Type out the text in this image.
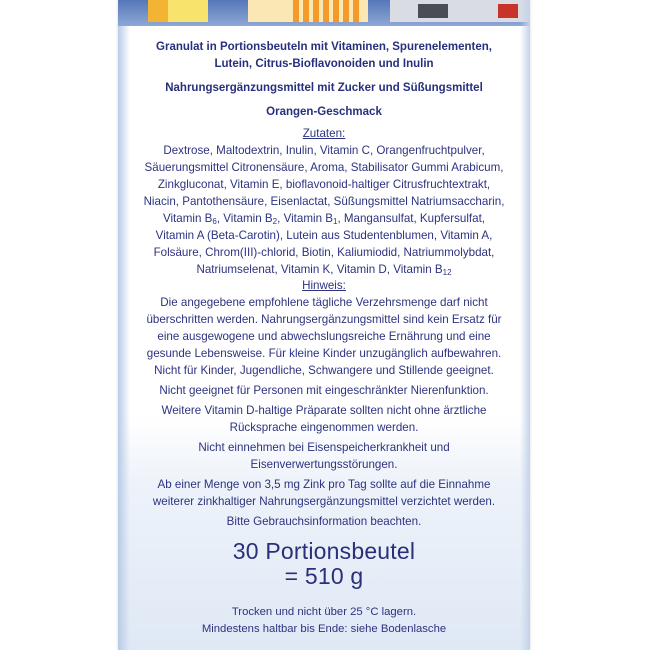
Granulat in Portionsbeuteln mit Vitaminen, Spurenelementen,
Lutein, Citrus-Bioflavonoiden und Inulin
Nahrungsergänzungsmittel mit Zucker und Süßungsmittel
Orangen-Geschmack
Zutaten:
Dextrose, Maltodextrin, Inulin, Vitamin C, Orangenfruchtpulver,
Säuerungsmittel Citronensäure, Aroma, Stabilisator Gummi Arabicum,
Zinkgluconat, Vitamin E, bioflavonoid-haltiger Citrusfruchtextrakt,
Niacin, Pantothensäure, Eisenlactat, Süßungsmittel Natriumsaccharin,
Vitamin $B_6$, Vitamin $B_2$, Vitamin $B_1$, Mangansulfat, Kupfersulfat,
Vitamin A (Beta-Carotin), Lutein aus Studentenblumen, Vitamin A,
Folsäure, Chrom(III)-chlorid, Biotin, Kaliumiodid, Natriummolybdat,
Natriumselenat, Vitamin K, Vitamin D, Vitamin $B_{12}$
Hinweis:
Die angegebene empfohlene tägliche Verzehrsmenge darf nicht
überschritten werden. Nahrungsergänzungsmittel sind kein Ersatz für
eine ausgewogene und abwechslungsreiche Ernährung und eine
gesunde Lebensweise. Für kleine Kinder unzugänglich aufbewahren.
Nicht für Kinder, Jugendliche, Schwangere und Stillende geeignet.
Nicht geeignet für Personen mit eingeschränkter Nierenfunktion.
Weitere Vitamin D-haltige Präparate sollten nicht ohne ärztliche
Rücksprache eingenommen werden.
Nicht einnehmen bei Eisenspeicherkrankheit und
Eisenverwertungsstörungen.
Ab einer Menge von 3,5 mg Zink pro Tag sollte auf die Einnahme
weiterer zinkhaltiger Nahrungsergänzungsmittel verzichtet werden.
Bitte Gebrauchsinformation beachten.
30 Portionsbeutel
= 510 g
Trocken und nicht über 25 °C lagern.
Mindestens haltbar bis Ende: siehe Bodenlasche
